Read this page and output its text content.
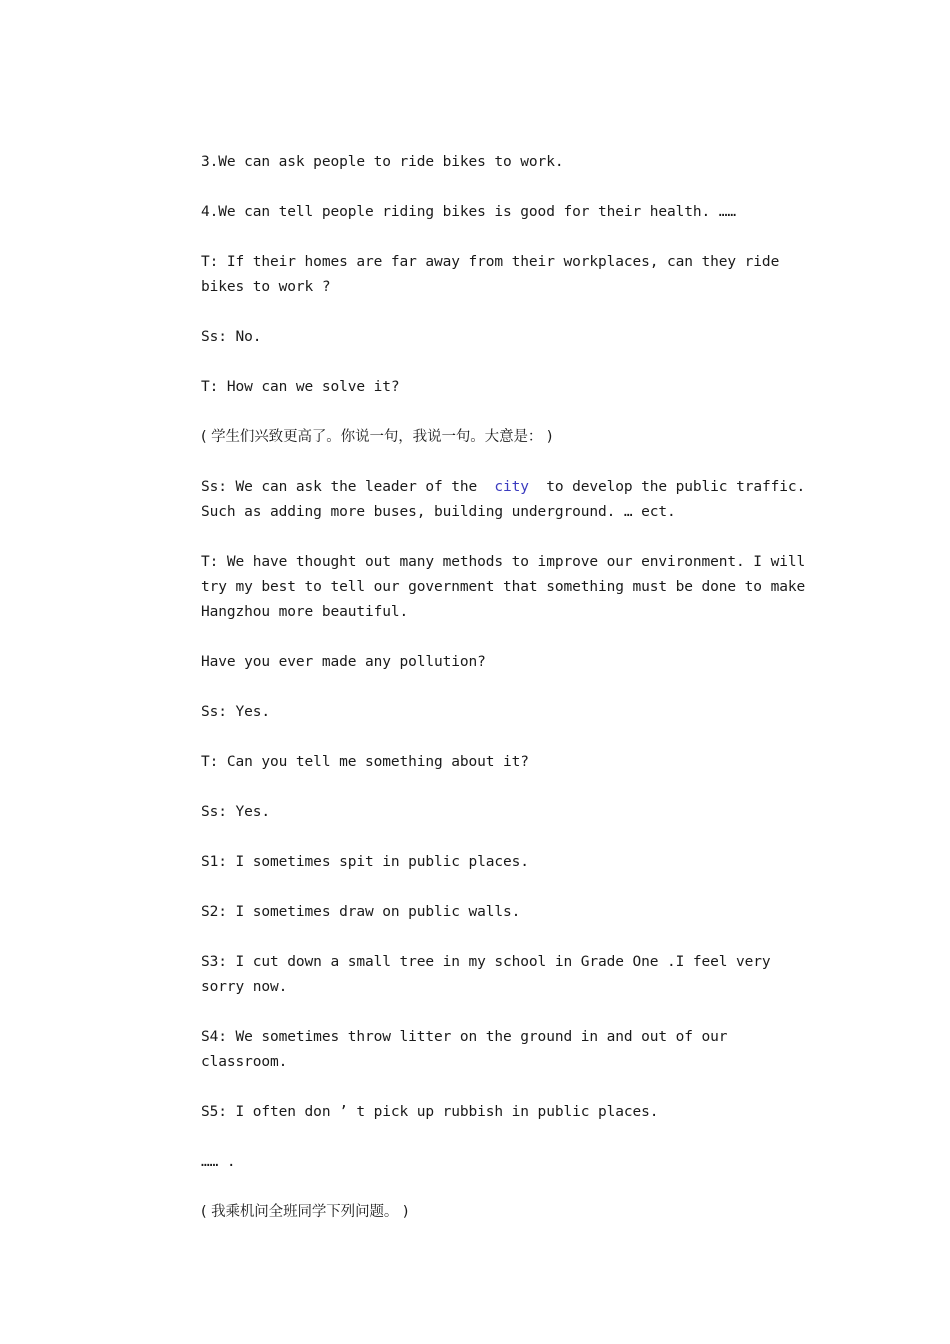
3.We can ask people to ride bikes to work.

4.We can tell people riding bikes is good for their health. ……

T: If their homes are far away from their workplaces, can they ride bikes to work ?

Ss: No.

T: How can we solve it?

( 学生们兴致更高了。你说一句，我说一句。大意是： )

Ss: We can ask the leader of the  city  to develop the public traffic. Such as adding more buses, building underground. … ect.

T: We have thought out many methods to improve our environment. I will try my best to tell our government that something must be done to make Hangzhou more beautiful.

Have you ever made any pollution?

Ss: Yes.

T: Can you tell me something about it?

Ss: Yes.

S1: I sometimes spit in public places.

S2: I sometimes draw on public walls.

S3: I cut down a small tree in my school in Grade One .I feel very sorry now.

S4: We sometimes throw litter on the ground in and out of our classroom.

S5: I often don ’ t pick up rubbish in public places.

…… .

( 我乘机问全班同学下列问题。 )
